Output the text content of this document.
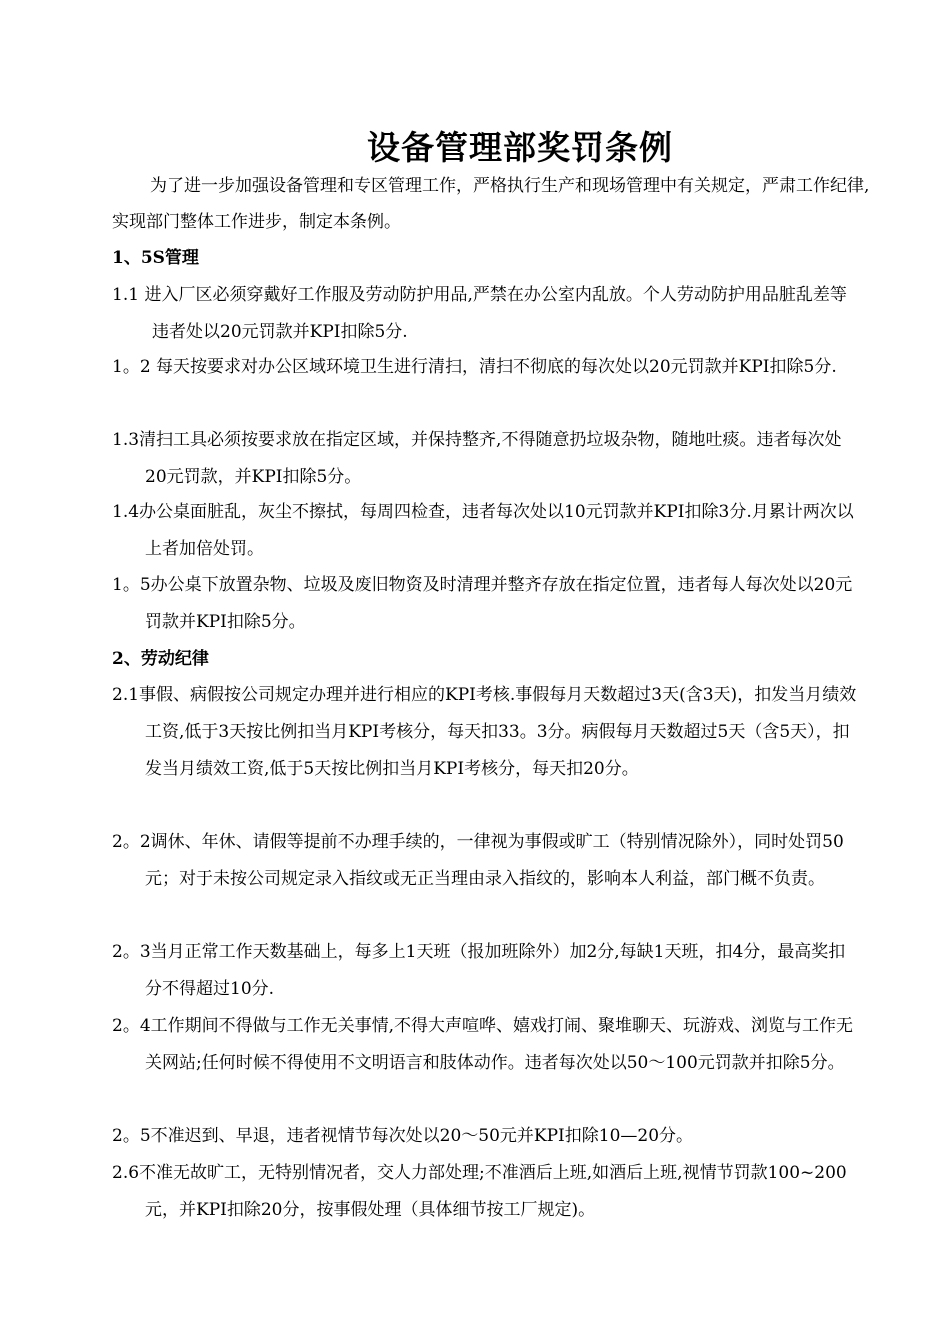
设备管理部奖罚条例

为了进一步加强设备管理和专区管理工作，严格执行生产和现场管理中有关规定，严肃工作纪律,实现部门整体工作进步，制定本条例。

1、5S管理

1.1 进入厂区必须穿戴好工作服及劳动防护用品,严禁在办公室内乱放。个人劳动防护用品脏乱差等违者处以20元罚款并KPI扣除5分.

1。2 每天按要求对办公区域环境卫生进行清扫，清扫不彻底的每次处以20元罚款并KPI扣除5分.

1.3清扫工具必须按要求放在指定区域，并保持整齐,不得随意扔垃圾杂物，随地吐痰。违者每次处20元罚款，并KPI扣除5分。

1.4办公桌面脏乱，灰尘不擦拭，每周四检查，违者每次处以10元罚款并KPI扣除3分.月累计两次以上者加倍处罚。

1。5办公桌下放置杂物、垃圾及废旧物资及时清理并整齐存放在指定位置，违者每人每次处以20元罚款并KPI扣除5分。

2、劳动纪律

2.1事假、病假按公司规定办理并进行相应的KPI考核.事假每月天数超过3天(含3天)，扣发当月绩效工资,低于3天按比例扣当月KPI考核分，每天扣33。3分。病假每月天数超过5天（含5天），扣发当月绩效工资,低于5天按比例扣当月KPI考核分，每天扣20分。

2。2调休、年休、请假等提前不办理手续的，一律视为事假或旷工（特别情况除外），同时处罚50元；对于未按公司规定录入指纹或无正当理由录入指纹的，影响本人利益，部门概不负责。

2。3当月正常工作天数基础上，每多上1天班（报加班除外）加2分,每缺1天班，扣4分，最高奖扣分不得超过10分.

2。4工作期间不得做与工作无关事情,不得大声喧哗、嬉戏打闹、聚堆聊天、玩游戏、浏览与工作无关网站;任何时候不得使用不文明语言和肢体动作。违者每次处以50～100元罚款并扣除5分。

2。5不准迟到、早退，违者视情节每次处以20～50元并KPI扣除10—20分。

2.6不准无故旷工，无特别情况者，交人力部处理;不准酒后上班,如酒后上班,视情节罚款100~200元，并KPI扣除20分，按事假处理（具体细节按工厂规定)。
